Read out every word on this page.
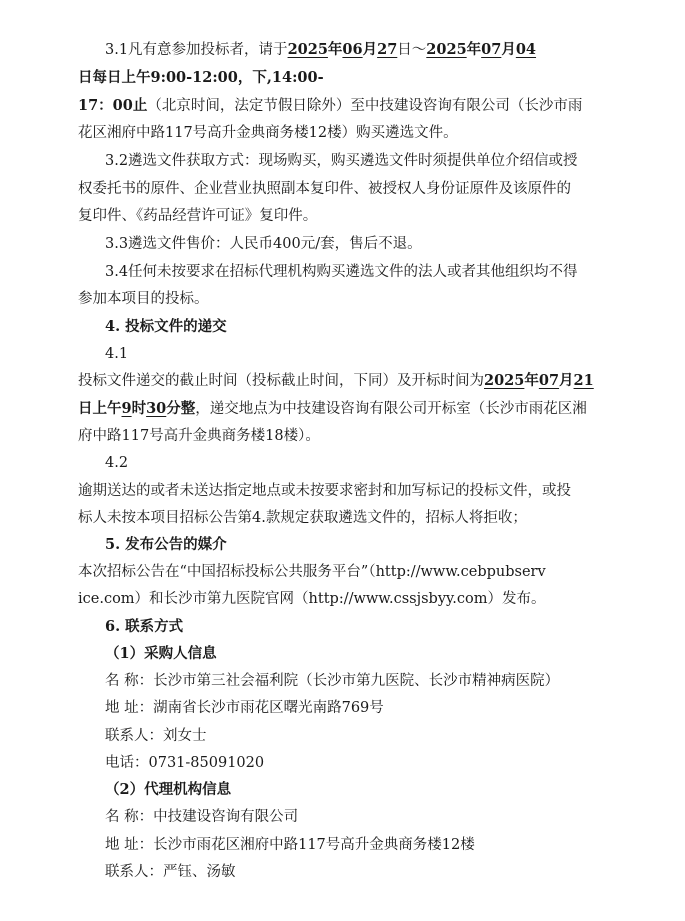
3.1凡有意参加投标者，请于2025年06月27日～2025年07月04
日每日上午9:00-12:00，下,14:00-
17：00止（北京时间，法定节假日除外）至中技建设咨询有限公司（长沙市雨
花区湘府中路117号高升金典商务楼12楼）购买遴选文件。
3.2遴选文件获取方式：现场购买，购买遴选文件时须提供单位介绍信或授
权委托书的原件、企业营业执照副本复印件、被授权人身份证原件及该原件的
复印件、《药品经营许可证》复印件。
3.3遴选文件售价：人民币400元/套，售后不退。
3.4任何未按要求在招标代理机构购买遴选文件的法人或者其他组织均不得
参加本项目的投标。
4. 投标文件的递交
4.1
投标文件递交的截止时间（投标截止时间，下同）及开标时间为2025年07月21
日上午9时30分整，递交地点为中技建设咨询有限公司开标室（长沙市雨花区湘
府中路117号高升金典商务楼18楼）。
4.2
逾期送达的或者未送达指定地点或未按要求密封和加写标记的投标文件，或投
标人未按本项目招标公告第4.款规定获取遴选文件的，招标人将拒收；
5. 发布公告的媒介
本次招标公告在“中国招标投标公共服务平台”（http://www.cebpubserv
ice.com）和长沙市第九医院官网（http://www.cssjsbyy.com）发布。
6. 联系方式
（1）采购人信息
名 称：长沙市第三社会福利院（长沙市第九医院、长沙市精神病医院）
地 址：湖南省长沙市雨花区曙光南路769号
联系人：刘女士
电话：0731-85091020
（2）代理机构信息
名 称：中技建设咨询有限公司
地 址：长沙市雨花区湘府中路117号高升金典商务楼12楼
联系人：严钰、汤敏
